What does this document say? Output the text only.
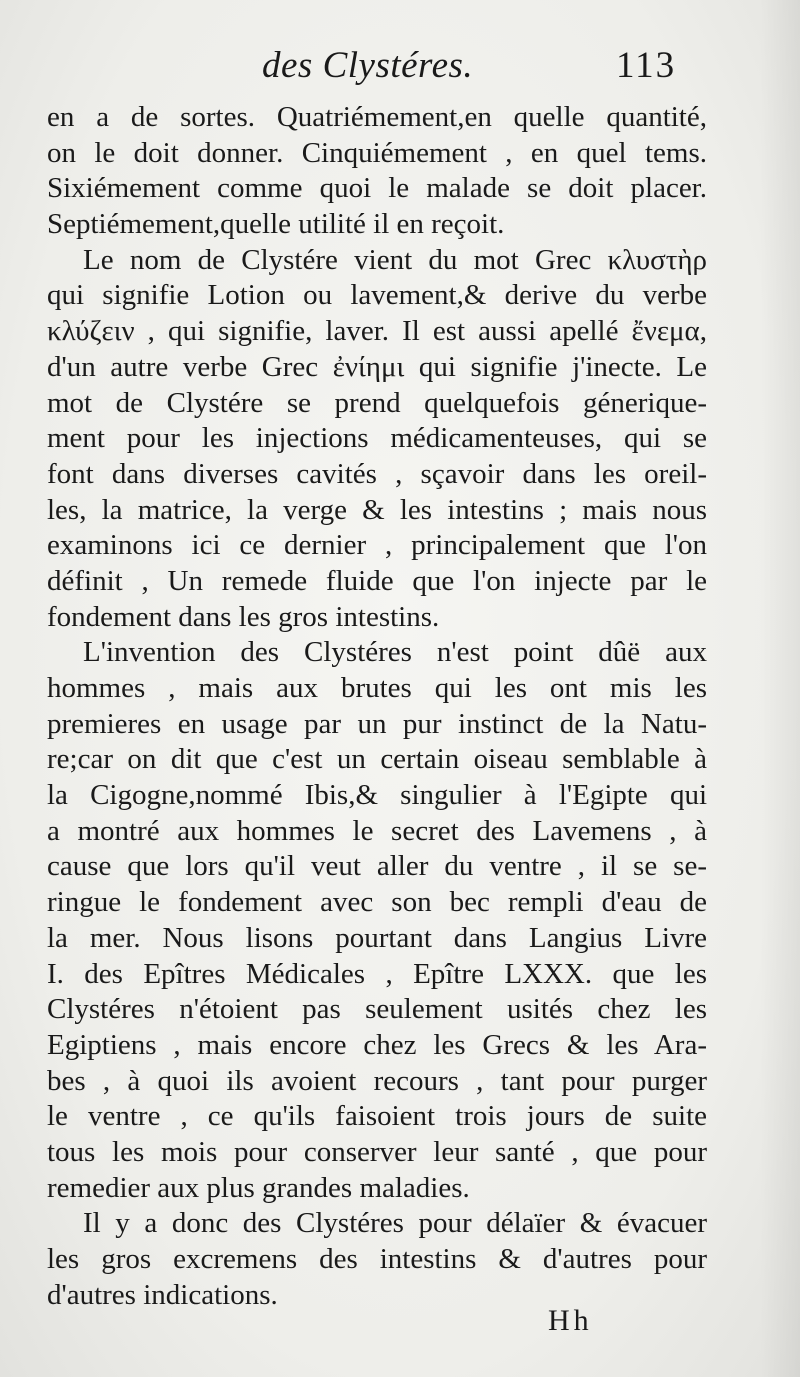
des Clystéres.	113
en a de sortes. Quatriémement,en quelle quantité,
on le doit donner. Cinquiémement , en quel tems.
Sixiémement comme quoi le malade se doit placer.
Septiémement,quelle utilité il en reçoit.
Le nom de Clystére vient du mot Grec κλυστὴρ
qui signifie Lotion ou lavement,& derive du verbe
κλύζειν , qui signifie, laver. Il est aussi apellé ἔνεμα,
d'un autre verbe Grec ἐνίημι qui signifie j'inecte. Le
mot de Clystére se prend quelquefois génerique-
ment pour les injections médicamenteuses, qui se
font dans diverses cavités , sçavoir dans les oreil-
les, la matrice, la verge & les intestins ; mais nous
examinons ici ce dernier , principalement que l'on
définit , Un remede fluide que l'on injecte par le
fondement dans les gros intestins.
L'invention des Clystéres n'est point dûë aux
hommes , mais aux brutes qui les ont mis les
premieres en usage par un pur instinct de la Natu-
re;car on dit que c'est un certain oiseau semblable à
la Cigogne,nommé Ibis,& singulier à l'Egipte qui
a montré aux hommes le secret des Lavemens , à
cause que lors qu'il veut aller du ventre , il se se-
ringue le fondement avec son bec rempli d'eau de
la mer. Nous lisons pourtant dans Langius Livre
I. des Epîtres Médicales , Epître LXXX. que les
Clystéres n'étoient pas seulement usités chez les
Egiptiens , mais encore chez les Grecs & les Ara-
bes , à quoi ils avoient recours , tant pour purger
le ventre , ce qu'ils faisoient trois jours de suite
tous les mois pour conserver leur santé , que pour
remedier aux plus grandes maladies.
Il y a donc des Clystéres pour délaïer & évacuer
les gros excremens des intestins & d'autres pour
d'autres indications.
Hh
